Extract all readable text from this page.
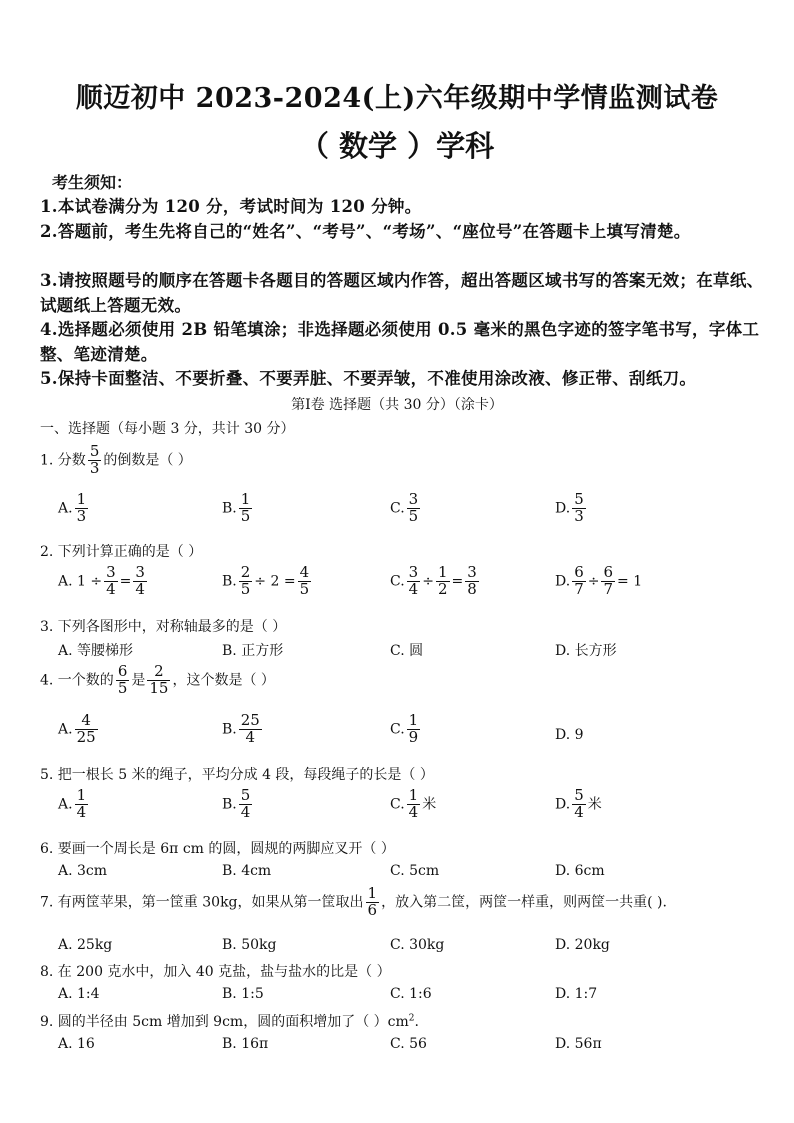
顺迈初中 2023-2024(上)六年级期中学情监测试卷
（ 数学 ）学科
考生须知：
1.本试卷满分为 120 分，考试时间为 120 分钟。
2.答题前，考生先将自己的“姓名”、“考号”、“考场”、“座位号”在答题卡上填写清楚。
3.请按照题号的顺序在答题卡各题目的答题区域内作答，超出答题区域书写的答案无效；在草纸、试题纸上答题无效。
4.选择题必须使用 2B 铅笔填涂；非选择题必须使用 0.5 毫米的黑色字迹的签字笔书写，字体工整、笔迹清楚。
5.保持卡面整洁、不要折叠、不要弄脏、不要弄皱，不准使用涂改液、修正带、刮纸刀。
第Ⅰ卷 选择题（共 30 分）（涂卡）
一、选择题（每小题 3 分，共计 30 分）
1. 分数 $\frac{5}{3}$ 的倒数是（ ）
A. $\frac{1}{3}$	B. $\frac{1}{5}$	C. $\frac{3}{5}$	D. $\frac{5}{3}$
2. 下列计算正确的是（ ）
A. $1 \div \frac{3}{4} = \frac{3}{4}$	B. $\frac{2}{5} \div 2 = \frac{4}{5}$	C. $\frac{3}{4} \div \frac{1}{2} = \frac{3}{8}$	D. $\frac{6}{7} \div \frac{6}{7} = 1$
3. 下列各图形中，对称轴最多的是（ ）
A. 等腰梯形	B. 正方形	C. 圆	D. 长方形
4. 一个数的 $\frac{6}{5}$ 是 $\frac{2}{15}$ ，这个数是（ ）
A. $\frac{4}{25}$	B. $\frac{25}{4}$	C. $\frac{1}{9}$	D. 9
5. 把一根长 5 米的绳子，平均分成 4 段，每段绳子的长是（ ）
A. $\frac{1}{4}$	B. $\frac{5}{4}$	C. $\frac{1}{4}$ 米	D. $\frac{5}{4}$ 米
6. 要画一个周长是 6π cm 的圆，圆规的两脚应叉开（ ）
A. 3cm	B. 4cm	C. 5cm	D. 6cm
7. 有两筐苹果，第一筐重 30kg，如果从第一筐取出 $\frac{1}{6}$ ，放入第二筐，两筐一样重，则两筐一共重( ).
A. 25kg	B. 50kg	C. 30kg	D. 20kg
8. 在 200 克水中，加入 40 克盐，盐与盐水的比是（ ）
A. 1:4	B. 1:5	C. 1:6	D. 1:7
9. 圆的半径由 5cm 增加到 9cm，圆的面积增加了（ ）$cm^2$.
A. 16	B. 16π	C. 56	D. 56π
